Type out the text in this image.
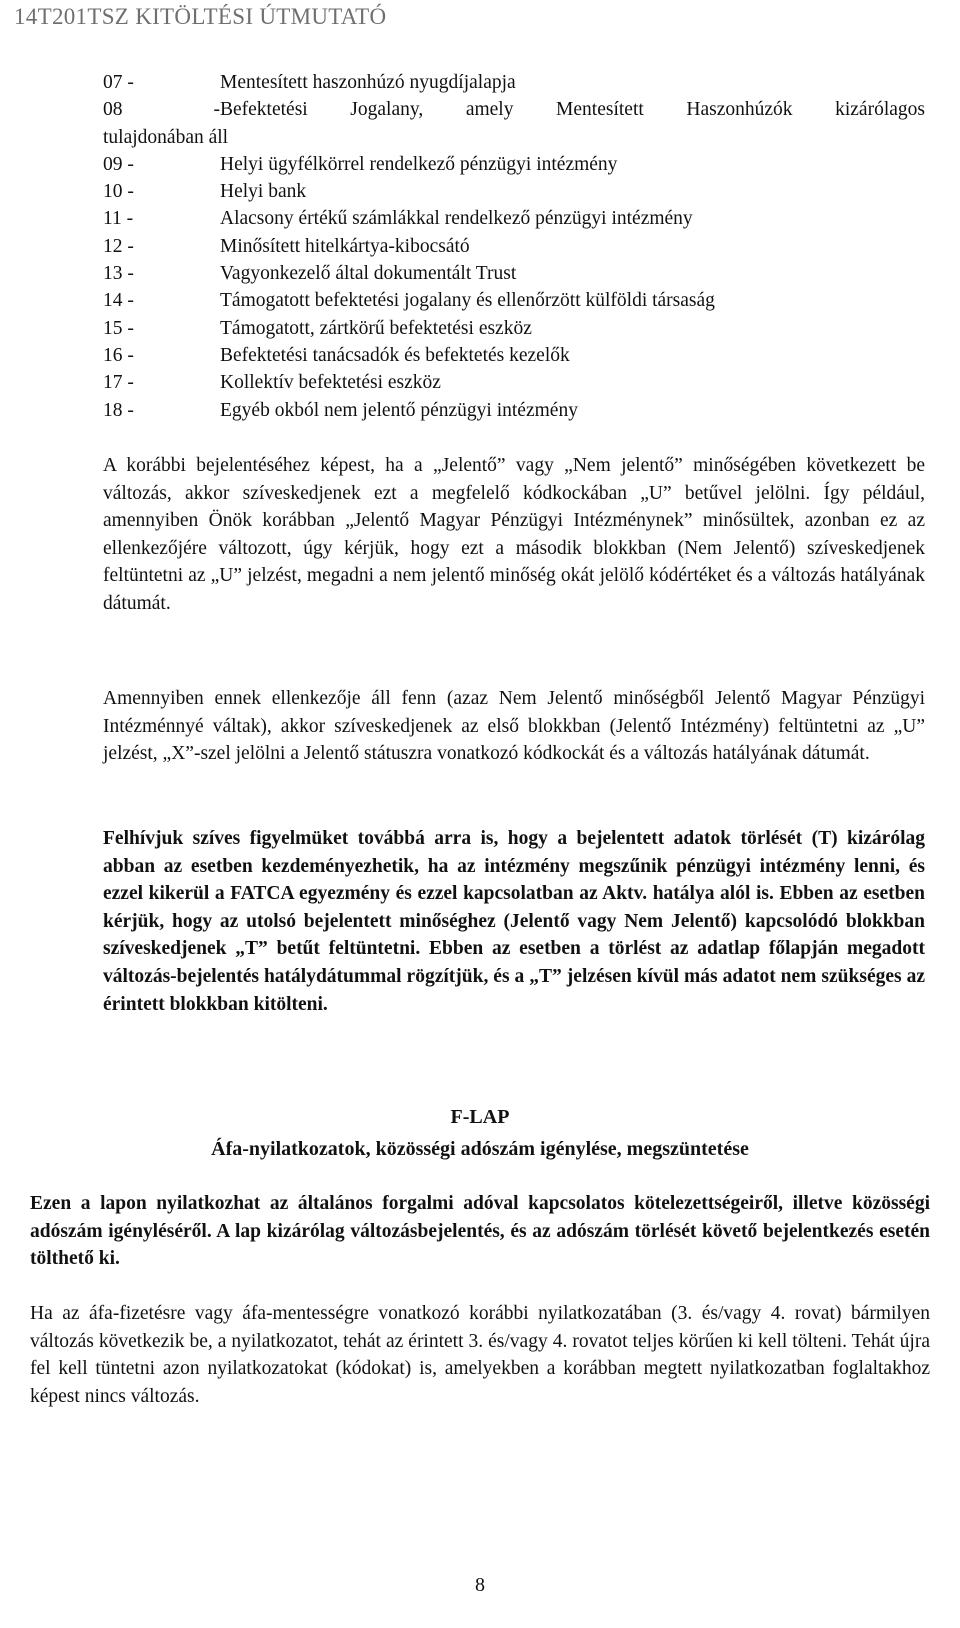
14T201TSZ KITÖLTÉSI ÚTMUTATÓ
07 -	Mentesített haszonhúzó nyugdíjalapja
08 -Befektetési Jogalany, amely Mentesített Haszonhúzók kizárólagos
tulajdonában áll
09 -	Helyi ügyfélkörrel rendelkező pénzügyi intézmény
10 -	Helyi bank
11 -	Alacsony értékű számlákkal rendelkező pénzügyi intézmény
12 -	Minősített hitelkártya-kibocsátó
13 -	Vagyonkezelő által dokumentált Trust
14 -	Támogatott befektetési jogalany és ellenőrzött külföldi társaság
15 -	Támogatott, zártkörű befektetési eszköz
16 -	Befektetési tanácsadók és befektetés kezelők
17 -	Kollektív befektetési eszköz
18 -	Egyéb okból nem jelentő pénzügyi intézmény

A korábbi bejelentéséhez képest, ha a „Jelentő” vagy „Nem jelentő” minőségében következett be változás, akkor szíveskedjenek ezt a megfelelő kódkockában „U” betűvel jelölni. Így például, amennyiben Önök korábban „Jelentő Magyar Pénzügyi Intézménynek” minősültek, azonban ez az ellenkezőjére változott, úgy kérjük, hogy ezt a második blokkban (Nem Jelentő) szíveskedjenek feltüntetni az „U” jelzést, megadni a nem jelentő minőség okát jelölő kódértéket és a változás hatályának dátumát.

Amennyiben ennek ellenkezője áll fenn (azaz Nem Jelentő minőségből Jelentő Magyar Pénzügyi Intézménnyé váltak), akkor szíveskedjenek az első blokkban (Jelentő Intézmény) feltüntetni az „U” jelzést, „X”-szel jelölni a Jelentő státuszra vonatkozó kódkockát és a változás hatályának dátumát.

Felhívjuk szíves figyelmüket továbbá arra is, hogy a bejelentett adatok törlését (T) kizárólag abban az esetben kezdeményezhetik, ha az intézmény megszűnik pénzügyi intézmény lenni, és ezzel kikerül a FATCA egyezmény és ezzel kapcsolatban az Aktv. hatálya alól is. Ebben az esetben kérjük, hogy az utolsó bejelentett minőséghez (Jelentő vagy Nem Jelentő) kapcsolódó blokkban szíveskedjenek „T” betűt feltüntetni. Ebben az esetben a törlést az adatlap főlapján megadott változás-bejelentés hatálydátummal rögzítjük, és a „T” jelzésen kívül más adatot nem szükséges az érintett blokkban kitölteni.

F-LAP
Áfa-nyilatkozatok, közösségi adószám igénylése, megszüntetése

Ezen a lapon nyilatkozhat az általános forgalmi adóval kapcsolatos kötelezettségeiről, illetve közösségi adószám igényléséről. A lap kizárólag változásbejelentés, és az adószám törlését követő bejelentkezés esetén tölthető ki.

Ha az áfa-fizetésre vagy áfa-mentességre vonatkozó korábbi nyilatkozatában (3. és/vagy 4. rovat) bármilyen változás következik be, a nyilatkozatot, tehát az érintett 3. és/vagy 4. rovatot teljes körűen ki kell tölteni. Tehát újra fel kell tüntetni azon nyilatkozatokat (kódokat) is, amelyekben a korábban megtett nyilatkozatban foglaltakhoz képest nincs változás.

8
